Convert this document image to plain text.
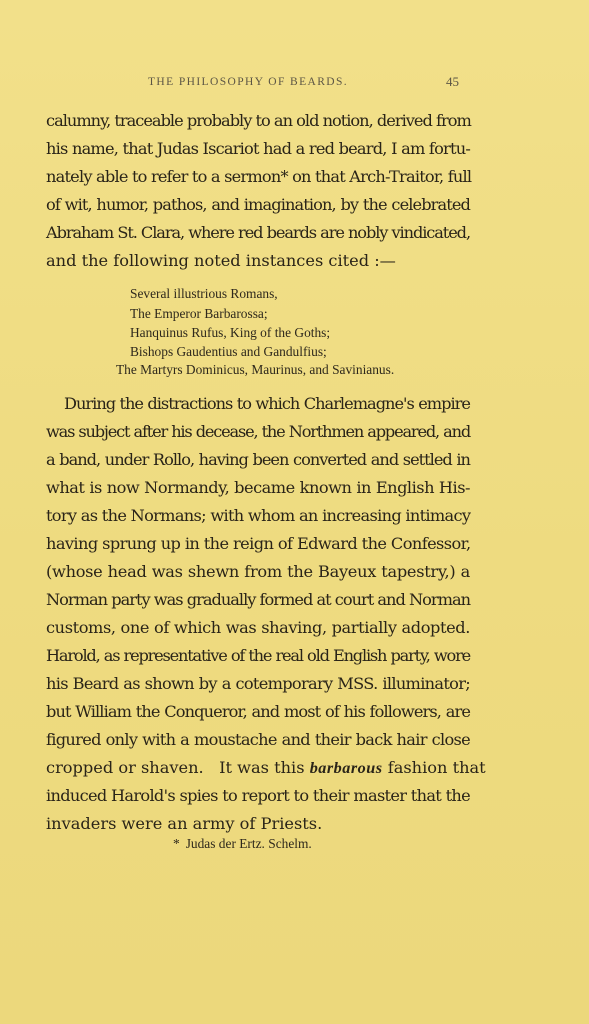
THE PHILOSOPHY OF BEARDS.	45
calumny, traceable probably to an old notion, derived from
his name, that Judas Iscariot had a red beard, I am fortu-
nately able to refer to a sermon* on that Arch-Traitor, full
of wit, humor, pathos, and imagination, by the celebrated
Abraham St. Clara, where red beards are nobly vindicated,
and the following noted instances cited :—
Several illustrious Romans,
The Emperor Barbarossa;
Hanquinus Rufus, King of the Goths;
Bishops Gaudentius and Gandulfius;
The Martyrs Dominicus, Maurinus, and Savinianus.
During the distractions to which Charlemagne's empire
was subject after his decease, the Northmen appeared, and
a band, under Rollo, having been converted and settled in
what is now Normandy, became known in English His-
tory as the Normans; with whom an increasing intimacy
having sprung up in the reign of Edward the Confessor,
(whose head was shewn from the Bayeux tapestry,) a
Norman party was gradually formed at court and Norman
customs, one of which was shaving, partially adopted.
Harold, as representative of the real old English party, wore
his Beard as shown by a cotemporary MSS. illuminator;
but William the Conqueror, and most of his followers, are
figured only with a moustache and their back hair close
cropped or shaven. It was this barbarous fashion that
induced Harold's spies to report to their master that the
invaders were an army of Priests.
* Judas der Ertz. Schelm.
